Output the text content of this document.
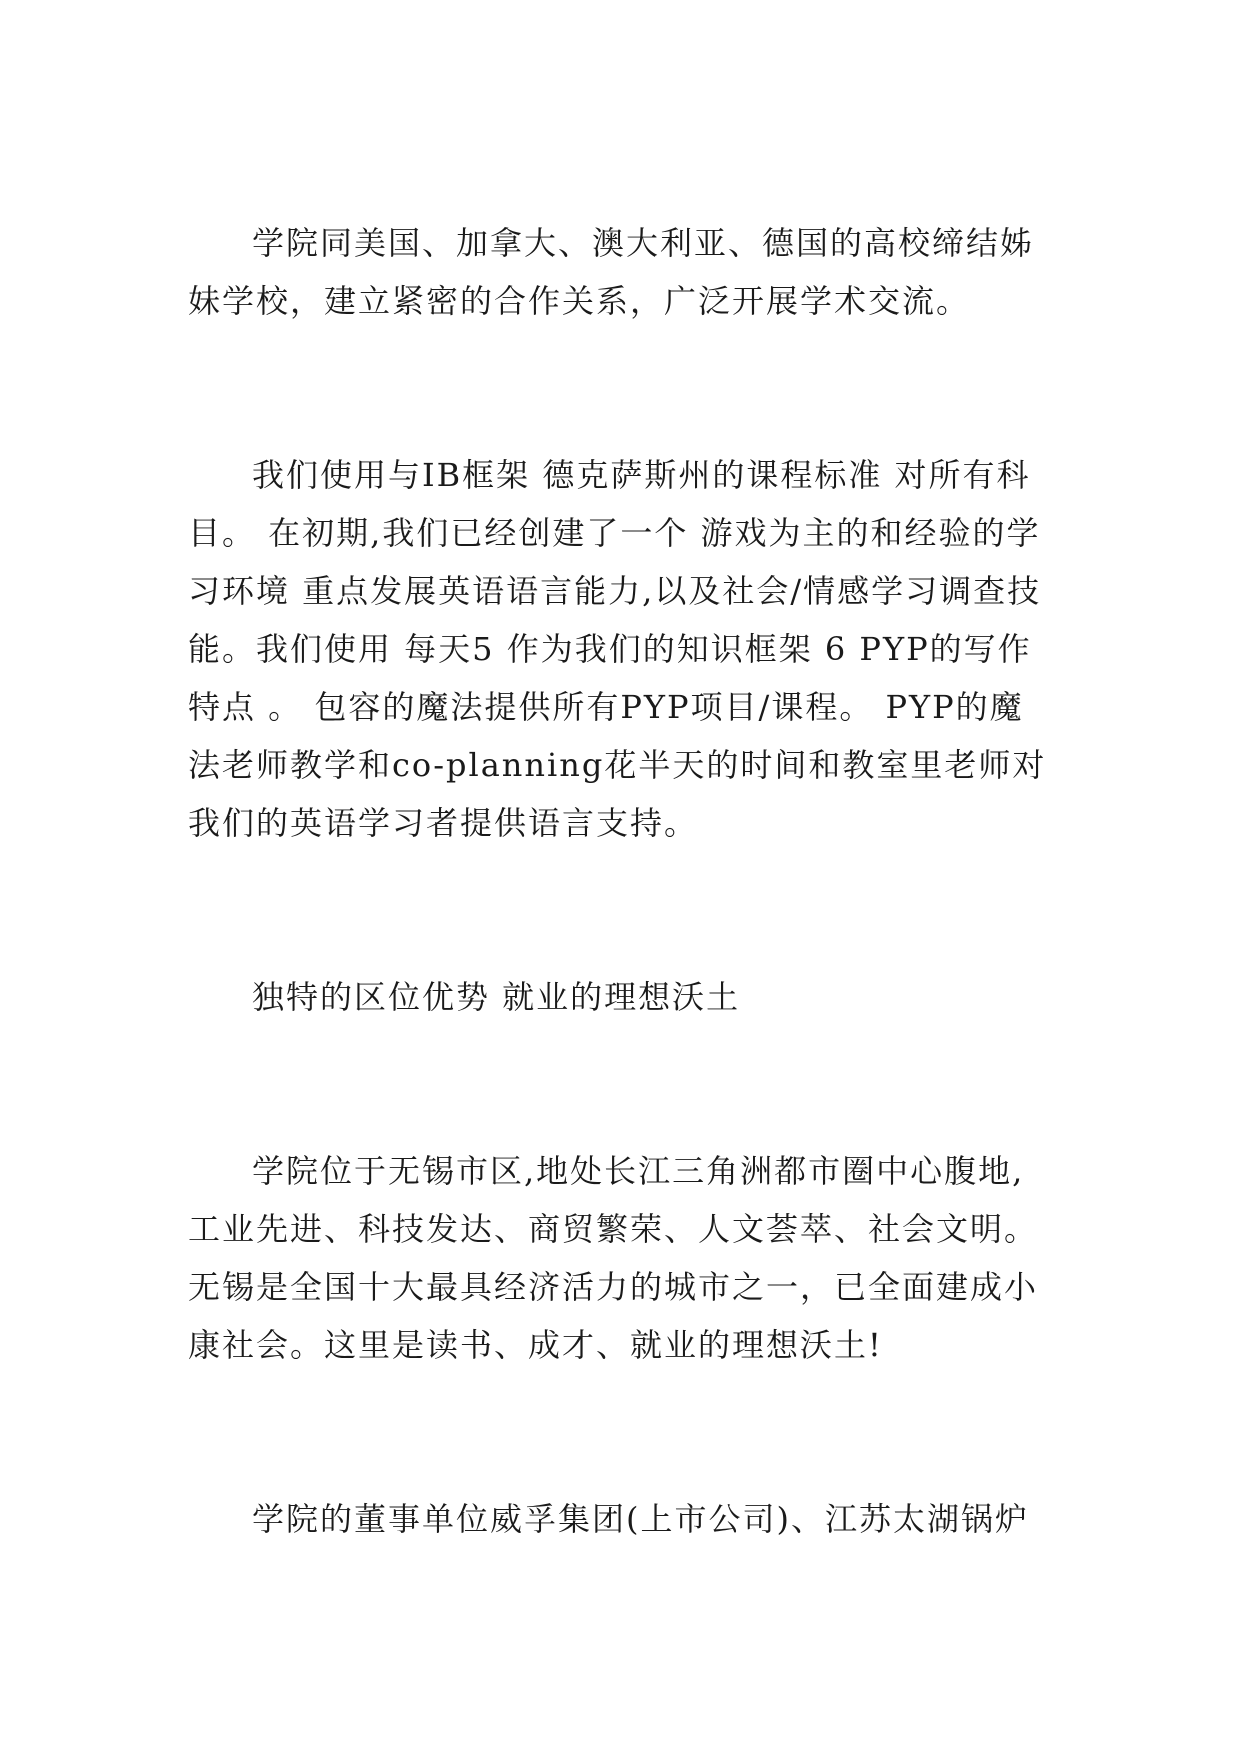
学院同美国、加拿大、澳大利亚、德国的高校缔结姊妹学校，建立紧密的合作关系，广泛开展学术交流。

我们使用与IB框架 德克萨斯州的课程标准 对所有科目。 在初期,我们已经创建了一个 游戏为主的和经验的学习环境 重点发展英语语言能力,以及社会/情感学习调查技能。我们使用 每天5 作为我们的知识框架 6 PYP的写作特点 。 包容的魔法提供所有PYP项目/课程。 PYP的魔法老师教学和co-planning花半天的时间和教室里老师对我们的英语学习者提供语言支持。

独特的区位优势 就业的理想沃土

学院位于无锡市区,地处长江三角洲都市圈中心腹地,工业先进、科技发达、商贸繁荣、人文荟萃、社会文明。无锡是全国十大最具经济活力的城市之一，已全面建成小康社会。这里是读书、成才、就业的理想沃土!

学院的董事单位威孚集团(上市公司)、江苏太湖锅炉
